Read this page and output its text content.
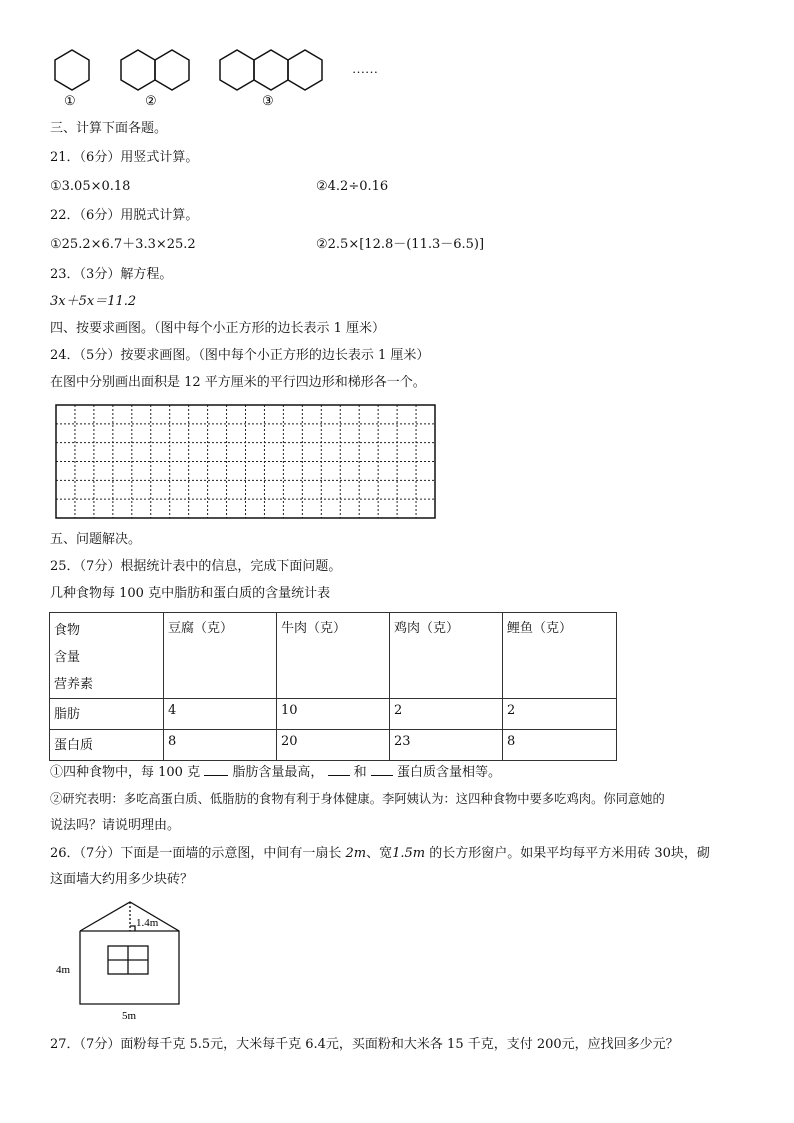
①	②	③
……
三、计算下面各题。
21．（6分）用竖式计算。
①3.05×0.18	②4.2÷0.16
22．（6分）用脱式计算。
①25.2×6.7＋3.3×25.2	②2.5×[12.8－(11.3－6.5)]
23．（3分）解方程。
3x＋5x＝11.2
四、按要求画图。（图中每个小正方形的边长表示 1 厘米）
24．（5分）按要求画图。（图中每个小正方形的边长表示 1 厘米）
在图中分别画出面积是 12 平方厘米的平行四边形和梯形各一个。
五、问题解决。
25．（7分）根据统计表中的信息，完成下面问题。
几种食物每 100 克中脂肪和蛋白质的含量统计表
食物
含量
营养素	豆腐（克）	牛肉（克）	鸡肉（克）	鲤鱼（克）
脂肪	4	10	2	2
蛋白质	8	20	23	8
①四种食物中，每 100 克 脂肪含量最高， 和 蛋白质含量相等。
②研究表明：多吃高蛋白质、低脂肪的食物有利于身体健康。李阿姨认为：这四种食物中要多吃鸡肉。你同意她的
说法吗？请说明理由。
26．（7分）下面是一面墙的示意图，中间有一扇长 2m、宽1.5m 的长方形窗户。如果平均每平方米用砖 30块，砌
这面墙大约用多少块砖？
1.4m
4m
5m
27．（7分）面粉每千克 5.5元，大米每千克 6.4元，买面粉和大米各 15 千克，支付 200元，应找回多少元？
